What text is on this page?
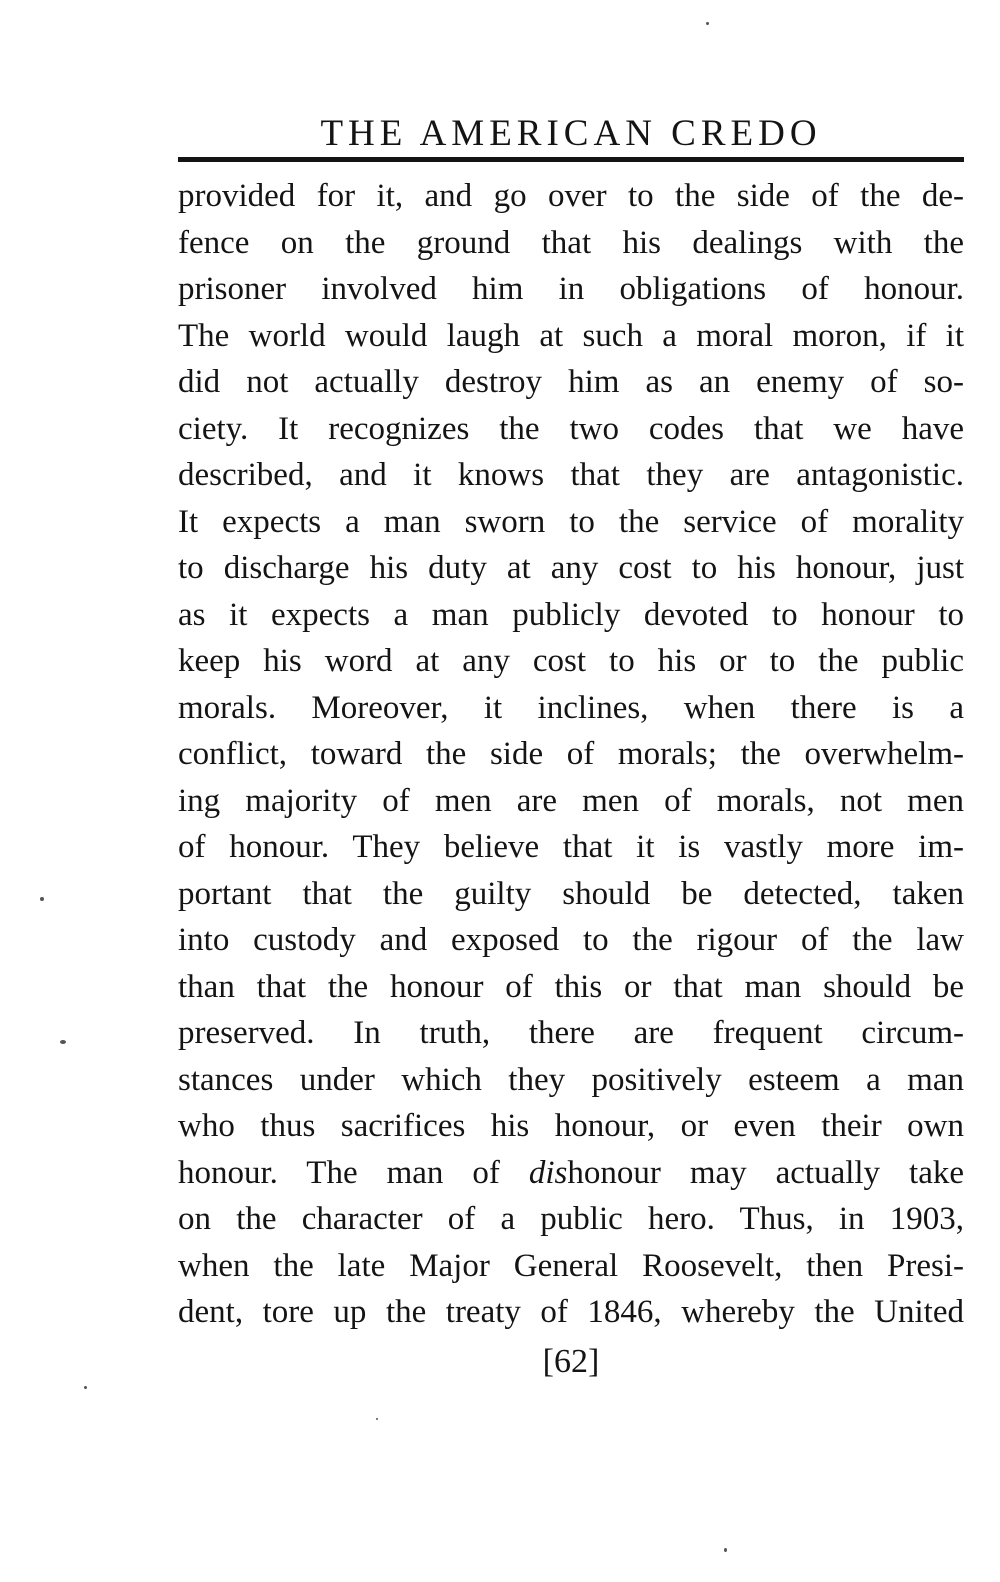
THE AMERICAN CREDO
provided for it, and go over to the side of the de-
fence on the ground that his dealings with the
prisoner involved him in obligations of honour.
The world would laugh at such a moral moron, if it
did not actually destroy him as an enemy of so-
ciety. It recognizes the two codes that we have
described, and it knows that they are antagonistic.
It expects a man sworn to the service of morality
to discharge his duty at any cost to his honour, just
as it expects a man publicly devoted to honour to
keep his word at any cost to his or to the public
morals. Moreover, it inclines, when there is a
conflict, toward the side of morals; the overwhelm-
ing majority of men are men of morals, not men
of honour. They believe that it is vastly more im-
portant that the guilty should be detected, taken
into custody and exposed to the rigour of the law
than that the honour of this or that man should be
preserved. In truth, there are frequent circum-
stances under which they positively esteem a man
who thus sacrifices his honour, or even their own
honour. The man of dishonour may actually take
on the character of a public hero. Thus, in 1903,
when the late Major General Roosevelt, then Presi-
dent, tore up the treaty of 1846, whereby the United
[62]
